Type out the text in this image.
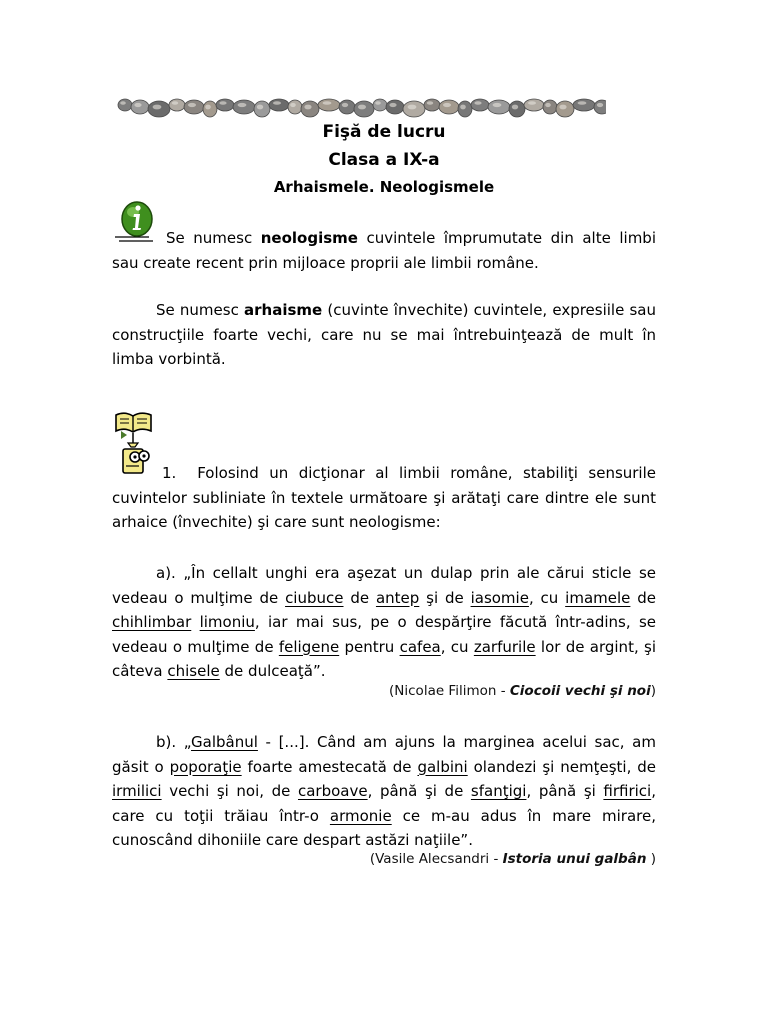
Fişă de lucru
Clasa a IX-a
Arhaismele. Neologismele
Se numesc neologisme cuvintele împrumutate din alte limbi sau create recent prin mijloace proprii ale limbii române.
Se numesc arhaisme (cuvinte învechite) cuvintele, expresiile sau construcţiile foarte vechi, care nu se mai întrebuinţează de mult în limba vorbintă.
1. Folosind un dicţionar al limbii române, stabiliţi sensurile cuvintelor subliniate în textele următoare şi arătaţi care dintre ele sunt arhaice (învechite) şi care sunt neologisme:
a). „În cellalt unghi era aşezat un dulap prin ale cărui sticle se vedeau o mulţime de ciubuce de antep şi de iasomie, cu imamele de chihlimbar limoniu, iar mai sus, pe o despărţire făcută într-adins, se vedeau o mulţime de feligene pentru cafea, cu zarfurile lor de argint, şi câteva chisele de dulceaţă”.
(Nicolae Filimon - Ciocoii vechi şi noi)
b). „Galbânul - [...]. Când am ajuns la marginea acelui sac, am găsit o poporaţie foarte amestecată de galbini olandezi şi nemţeşti, de irmilici vechi şi noi, de carboave, până şi de sfanţigi, până şi firfirici, care cu toţii trăiau într-o armonie ce m-au adus în mare mirare, cunoscând dihoniile care despart astăzi naţiile”.
(Vasile Alecsandri - Istoria unui galbân )
